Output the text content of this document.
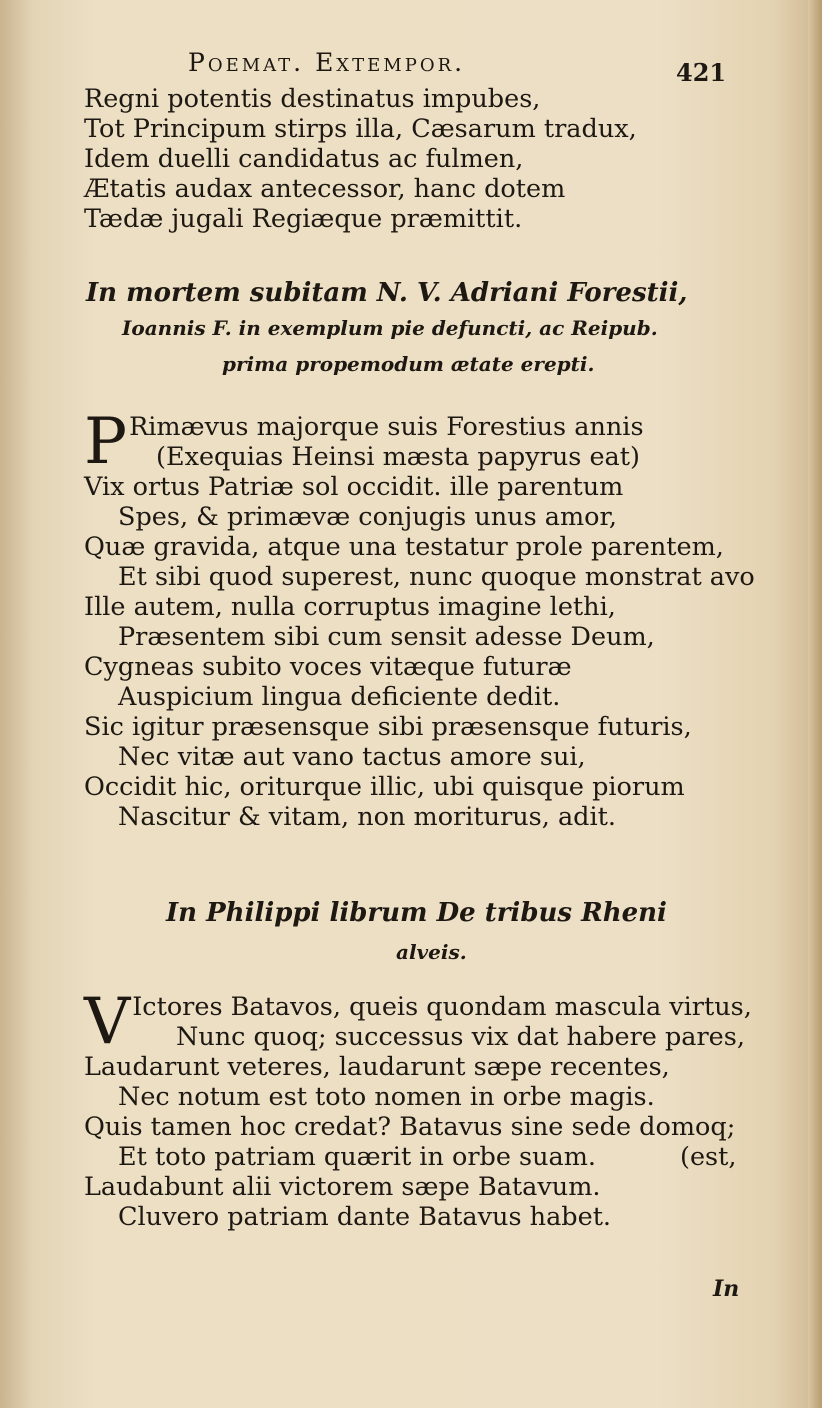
Poemat. Extempor.	421
Regni potentis destinatus impubes,
Tot Principum stirps illa, Cæsarum tradux,
Idem duelli candidatus ac fulmen,
Ætatis audax antecessor, hanc dotem
Tædæ jugali Regiæque præmittit.
In mortem subitam N. V. Adriani Forestii,
Ioannis F. in exemplum pie defuncti, ac Reipub.
prima propemodum ætate erepti.
P Rimævus majorque suis Forestius annis
(Exequias Heinsi mæsta papyrus eat)
Vix ortus Patriæ sol occidit. ille parentum
Spes, & primævæ conjugis unus amor,
Quæ gravida, atque una testatur prole parentem,
Et sibi quod superest, nunc quoque monstrat avo
Ille autem, nulla corruptus imagine lethi,
Præsentem sibi cum sensit adesse Deum,
Cygneas subito voces vitæque futuræ
Auspicium lingua deficiente dedit.
Sic igitur præsensque sibi præsensque futuris,
Nec vitæ aut vano tactus amore sui,
Occidit hic, oriturque illic, ubi quisque piorum
Nascitur & vitam, non moriturus, adit.
In Philippi librum De tribus Rheni
alveis.
V Ictores Batavos, queis quondam mascula virtus,
Nunc quoq; successus vix dat habere pares,
Laudarunt veteres, laudarunt sæpe recentes,
Nec notum est toto nomen in orbe magis.
Quis tamen hoc credat? Batavus sine sede domoq;
Et toto patriam quærit in orbe suam.	(est,
Laudabunt alii victorem sæpe Batavum.
Cluvero patriam dante Batavus habet.
In
